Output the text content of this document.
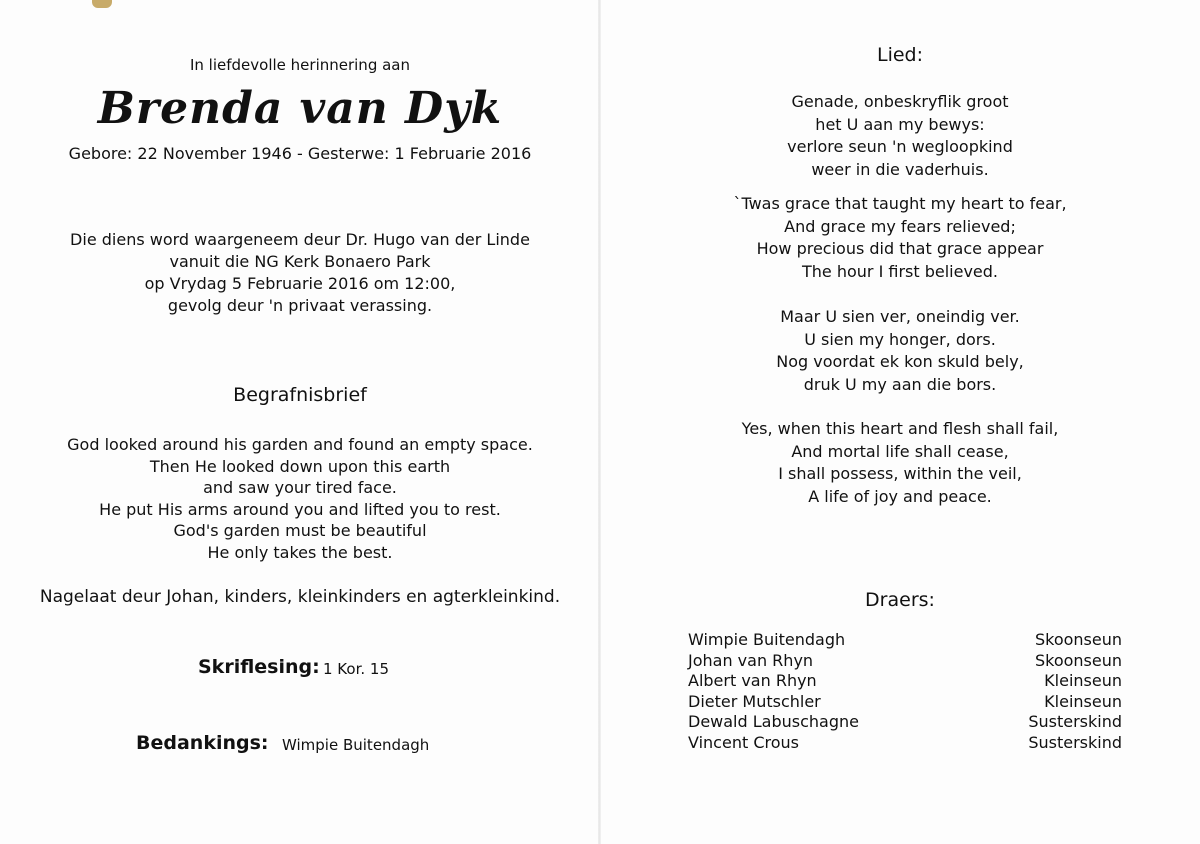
In liefdevolle herinnering aan
Brenda van Dyk
Gebore: 22 November 1946 - Gesterwe: 1 Februarie 2016
Die diens word waargeneem deur Dr. Hugo van der Linde
vanuit die NG Kerk Bonaero Park
op Vrydag 5 Februarie 2016 om 12:00,
gevolg deur 'n privaat verassing.
Begrafnisbrief
God looked around his garden and found an empty space.
Then He looked down upon this earth
and saw your tired face.
He put His arms around you and lifted you to rest.
God's garden must be beautiful
He only takes the best.
Nagelaat deur Johan, kinders, kleinkinders en agterkleinkind.
Skriflesing: 1 Kor. 15
Bedankings: Wimpie Buitendagh
Lied:
Genade, onbeskryflik groot
het U aan my bewys:
verlore seun 'n wegloopkind
weer in die vaderhuis.
`Twas grace that taught my heart to fear,
And grace my fears relieved;
How precious did that grace appear
The hour I first believed.
Maar U sien ver, oneindig ver.
U sien my honger, dors.
Nog voordat ek kon skuld bely,
druk U my aan die bors.
Yes, when this heart and flesh shall fail,
And mortal life shall cease,
I shall possess, within the veil,
A life of joy and peace.
Draers:
Wimpie Buitendagh	Skoonseun
Johan van Rhyn	Skoonseun
Albert van Rhyn	Kleinseun
Dieter Mutschler	Kleinseun
Dewald Labuschagne	Susterskind
Vincent Crous	Susterskind
